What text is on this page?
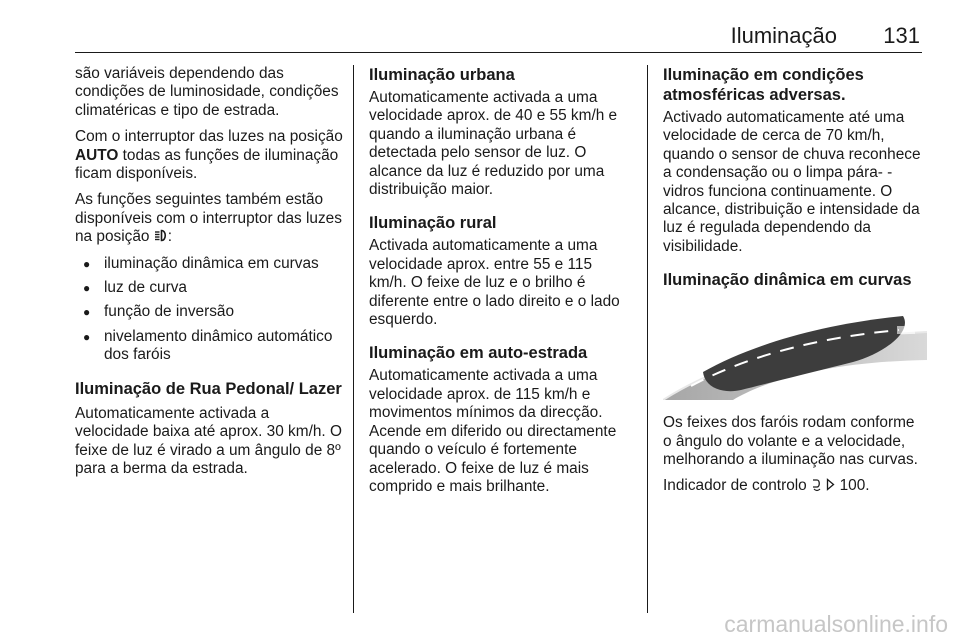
Iluminação 131

são variáveis dependendo das condições de luminosidade, condições climatéricas e tipo de estrada.

Com o interruptor das luzes na posição AUTO todas as funções de iluminação ficam disponíveis.

As funções seguintes também estão disponíveis com o interruptor das luzes na posição :

● iluminação dinâmica em curvas
● luz de curva
● função de inversão
● nivelamento dinâmico automático dos faróis
Iluminação de Rua Pedonal/ Lazer

Automaticamente activada a velocidade baixa até aprox. 30 km/h. O feixe de luz é virado a um ângulo de 8º para a berma da estrada.

Iluminação urbana

Automaticamente activada a uma velocidade aprox. de 40 e 55 km/h e quando a iluminação urbana é detectada pelo sensor de luz. O alcance da luz é reduzido por uma distribuição maior.

Iluminação rural

Activada automaticamente a uma velocidade aprox. entre 55 e 115 km/h. O feixe de luz e o brilho é diferente entre o lado direito e o lado esquerdo.

Iluminação em auto-estrada

Automaticamente activada a uma velocidade aprox. de 115 km/h e movimentos mínimos da direcção. Acende em diferido ou directamente quando o veículo é fortemente acelerado. O feixe de luz é mais comprido e mais brilhante.

Iluminação em condições atmosféricas adversas.

Activado automaticamente até uma velocidade de cerca de 70 km/h, quando o sensor de chuva reconhece a condensação ou o limpa pára- -vidros funciona continuamente. O alcance, distribuição e intensidade da luz é regulada dependendo da visibilidade.

Iluminação dinâmica em curvas

Os feixes dos faróis rodam conforme o ângulo do volante e a velocidade, melhorando a iluminação nas curvas.

Indicador de controlo   100.

carmanualsonline.info
